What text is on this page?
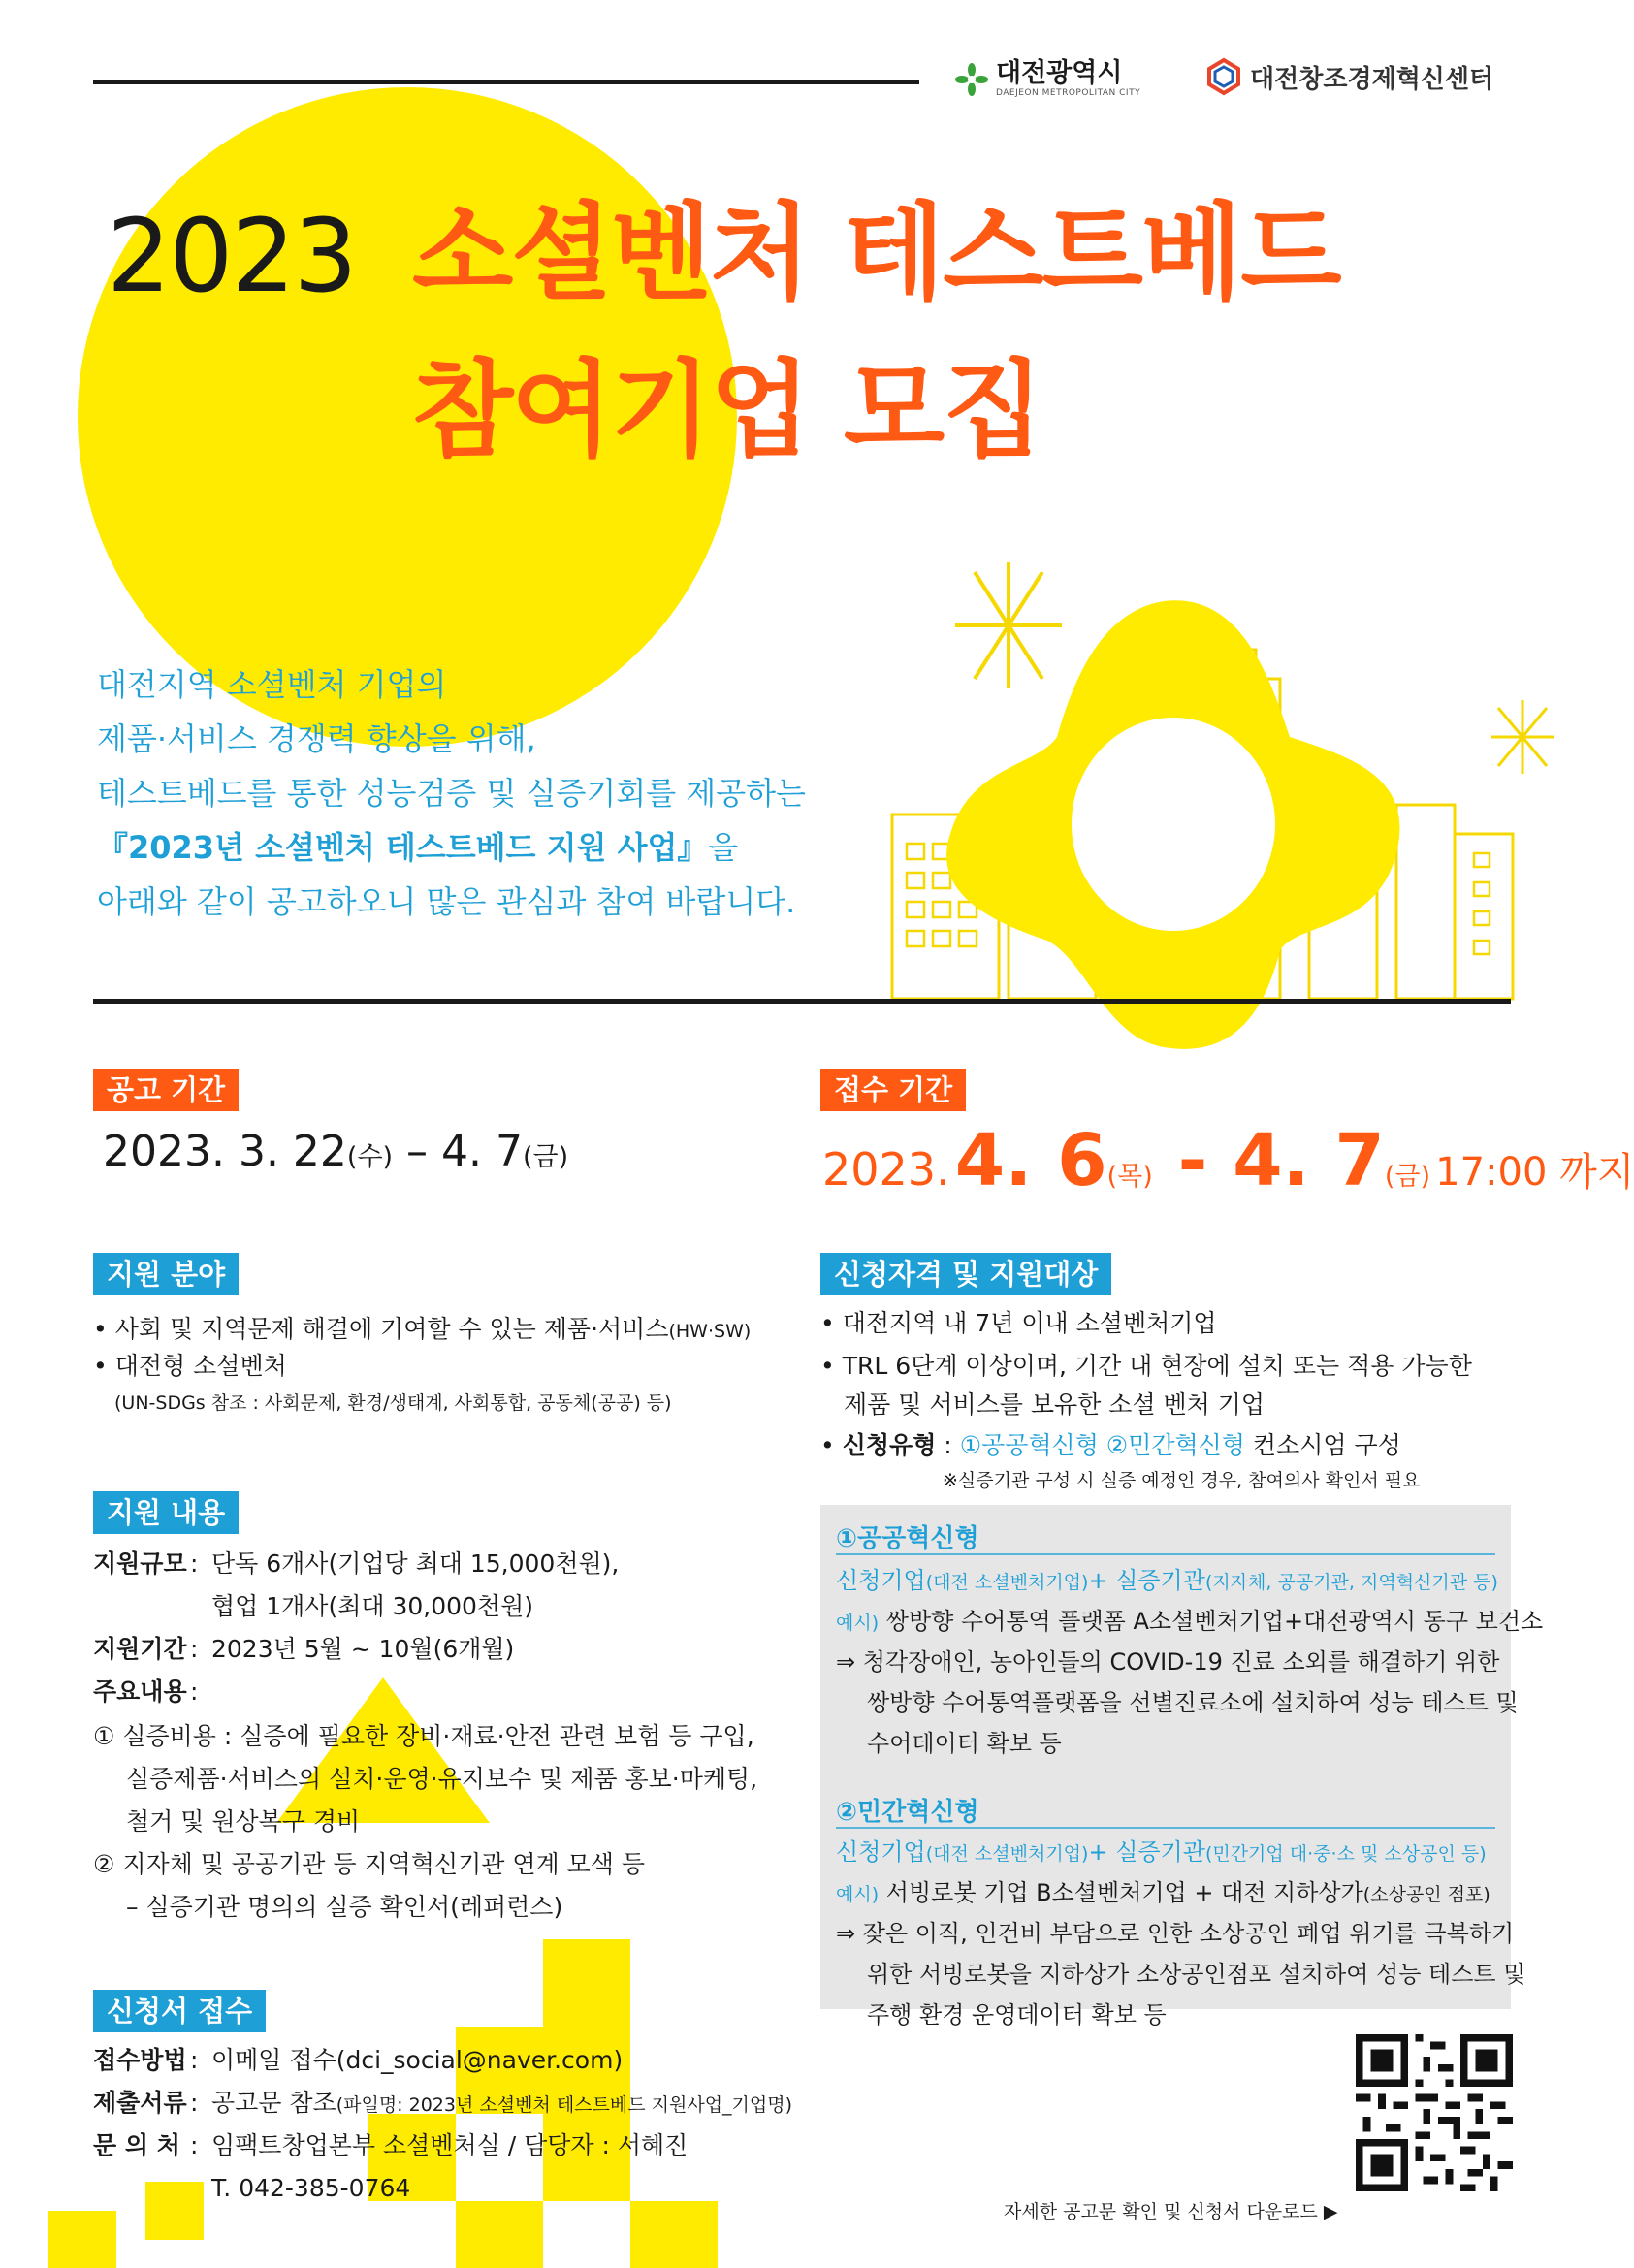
대전광역시
DAEJEON METROPOLITAN CITY	대전창조경제혁신센터
2023 소셜벤처 테스트베드
참여기업 모집
대전지역 소셜벤처 기업의
제품·서비스 경쟁력 향상을 위해,
테스트베드를 통한 성능검증 및 실증기회를 제공하는
『2023년 소셜벤처 테스트베드 지원 사업』을
아래와 같이 공고하오니 많은 관심과 참여 바랍니다.
공고 기간
2023. 3. 22(수) – 4. 7(금)
접수 기간
2023. 4. 6(목) - 4. 7(금) 17:00 까지
지원 분야
• 사회 및 지역문제 해결에 기여할 수 있는 제품·서비스(HW·SW)
• 대전형 소셜벤처
(UN-SDGs 참조 : 사회문제, 환경/생태계, 사회통합, 공동체(공공) 등)
지원 내용
지원규모 : 단독 6개사(기업당 최대 15,000천원),
협업 1개사(최대 30,000천원)
지원기간 : 2023년 5월 ~ 10월(6개월)
주요내용 :
① 실증비용 : 실증에 필요한 장비·재료·안전 관련 보험 등 구입,
실증제품·서비스의 설치·운영·유지보수 및 제품 홍보·마케팅,
철거 및 원상복구 경비
② 지자체 및 공공기관 등 지역혁신기관 연계 모색 등
– 실증기관 명의의 실증 확인서(레퍼런스)
신청서 접수
접수방법 : 이메일 접수(dci_social@naver.com)
제출서류 : 공고문 참조(파일명: 2023년 소셜벤처 테스트베드 지원사업_기업명)
문 의 처 : 임팩트창업본부 소셜벤처실 / 담당자 : 서혜진
T. 042-385-0764
신청자격 및 지원대상
• 대전지역 내 7년 이내 소셜벤처기업
• TRL 6단계 이상이며, 기간 내 현장에 설치 또는 적용 가능한
제품 및 서비스를 보유한 소셜 벤처 기업
• 신청유형 : ①공공혁신형 ②민간혁신형 컨소시엄 구성
※실증기관 구성 시 실증 예정인 경우, 참여의사 확인서 필요
①공공혁신형
신청기업(대전 소셜벤처기업)+ 실증기관(지자체, 공공기관, 지역혁신기관 등)
예시) 쌍방향 수어통역 플랫폼 A소셜벤처기업+대전광역시 동구 보건소
⇒ 청각장애인, 농아인들의 COVID-19 진료 소외를 해결하기 위한
쌍방향 수어통역플랫폼을 선별진료소에 설치하여 성능 테스트 및
수어데이터 확보 등
②민간혁신형
신청기업(대전 소셜벤처기업)+ 실증기관(민간기업 대·중·소 및 소상공인 등)
예시) 서빙로봇 기업 B소셜벤처기업 + 대전 지하상가(소상공인 점포)
⇒ 잦은 이직, 인건비 부담으로 인한 소상공인 폐업 위기를 극복하기
위한 서빙로봇을 지하상가 소상공인점포 설치하여 성능 테스트 및
주행 환경 운영데이터 확보 등
자세한 공고문 확인 및 신청서 다운로드 ▶
